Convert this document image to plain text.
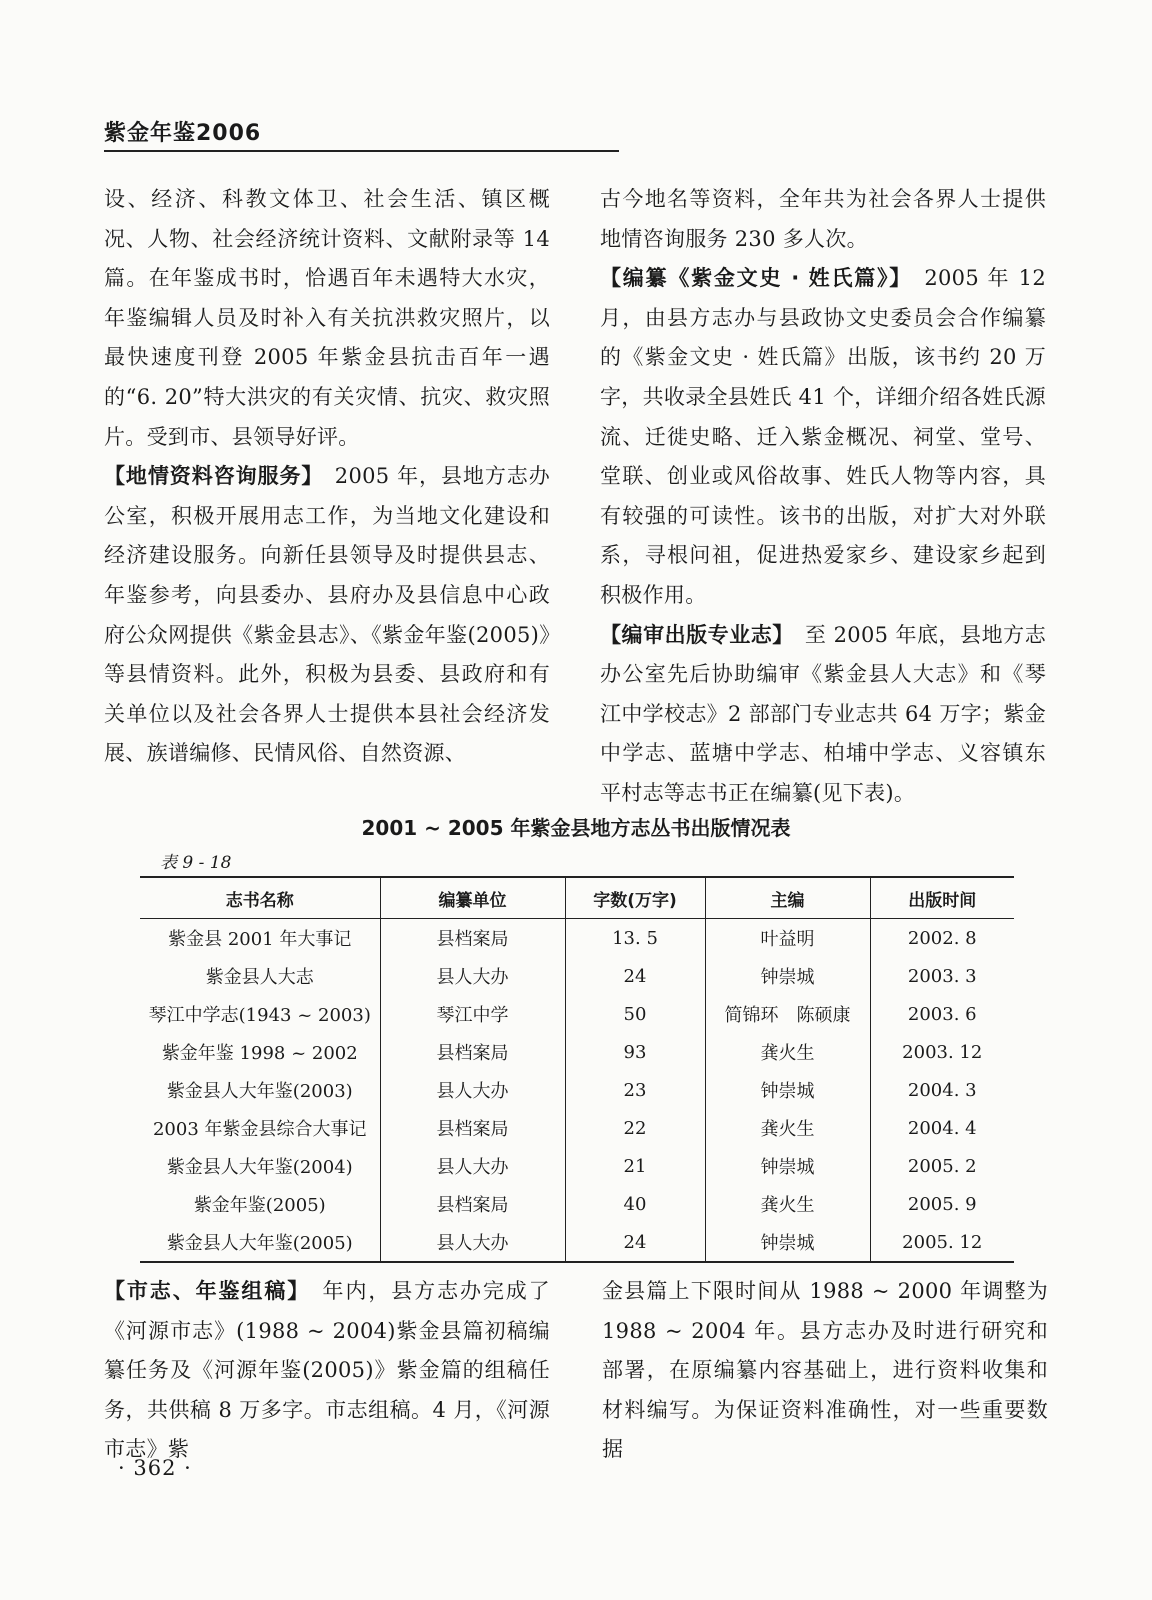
紫金年鉴2006

设、经济、科教文体卫、社会生活、镇区概况、人物、社会经济统计资料、文献附录等 14 篇。在年鉴成书时，恰遇百年未遇特大水灾，年鉴编辑人员及时补入有关抗洪救灾照片，以最快速度刊登 2005 年紫金县抗击百年一遇的“6. 20”特大洪灾的有关灾情、抗灾、救灾照片。受到市、县领导好评。

【地情资料咨询服务】　2005 年，县地方志办公室，积极开展用志工作，为当地文化建设和经济建设服务。向新任县领导及时提供县志、年鉴参考，向县委办、县府办及县信息中心政府公众网提供《紫金县志》、《紫金年鉴(2005)》等县情资料。此外，积极为县委、县政府和有关单位以及社会各界人士提供本县社会经济发展、族谱编修、民情风俗、自然资源、

古今地名等资料，全年共为社会各界人士提供地情咨询服务 230 多人次。

【编纂《紫金文史 · 姓氏篇》】　2005 年 12 月，由县方志办与县政协文史委员会合作编纂的《紫金文史 · 姓氏篇》出版，该书约 20 万字，共收录全县姓氏 41 个，详细介绍各姓氏源流、迁徙史略、迁入紫金概况、祠堂、堂号、堂联、创业或风俗故事、姓氏人物等内容，具有较强的可读性。该书的出版，对扩大对外联系，寻根问祖，促进热爱家乡、建设家乡起到积极作用。

【编审出版专业志】　至 2005 年底，县地方志办公室先后协助编审《紫金县人大志》和《琴江中学校志》2 部部门专业志共 64 万字；紫金中学志、蓝塘中学志、柏埔中学志、义容镇东平村志等志书正在编纂(见下表)。

2001 ~ 2005 年紫金县地方志丛书出版情况表
表 9 - 18
志书名称	编纂单位	字数(万字)	主编	出版时间
紫金县 2001 年大事记	县档案局	13. 5	叶益明	2002. 8
紫金县人大志	县人大办	24	钟崇城	2003. 3
琴江中学志(1943 ~ 2003)	琴江中学	50	简锦环　陈硕康	2003. 6
紫金年鉴 1998 ~ 2002	县档案局	93	龚火生	2003. 12
紫金县人大年鉴(2003)	县人大办	23	钟崇城	2004. 3
2003 年紫金县综合大事记	县档案局	22	龚火生	2004. 4
紫金县人大年鉴(2004)	县人大办	21	钟崇城	2005. 2
紫金年鉴(2005)	县档案局	40	龚火生	2005. 9
紫金县人大年鉴(2005)	县人大办	24	钟崇城	2005. 12

【市志、年鉴组稿】　年内，县方志办完成了《河源市志》(1988 ~ 2004)紫金县篇初稿编纂任务及《河源年鉴(2005)》紫金篇的组稿任务，共供稿 8 万多字。市志组稿。4 月，《河源市志》紫

金县篇上下限时间从 1988 ~ 2000 年调整为 1988 ~ 2004 年。县方志办及时进行研究和部署，在原编纂内容基础上，进行资料收集和材料编写。为保证资料准确性，对一些重要数据

· 362 ·
